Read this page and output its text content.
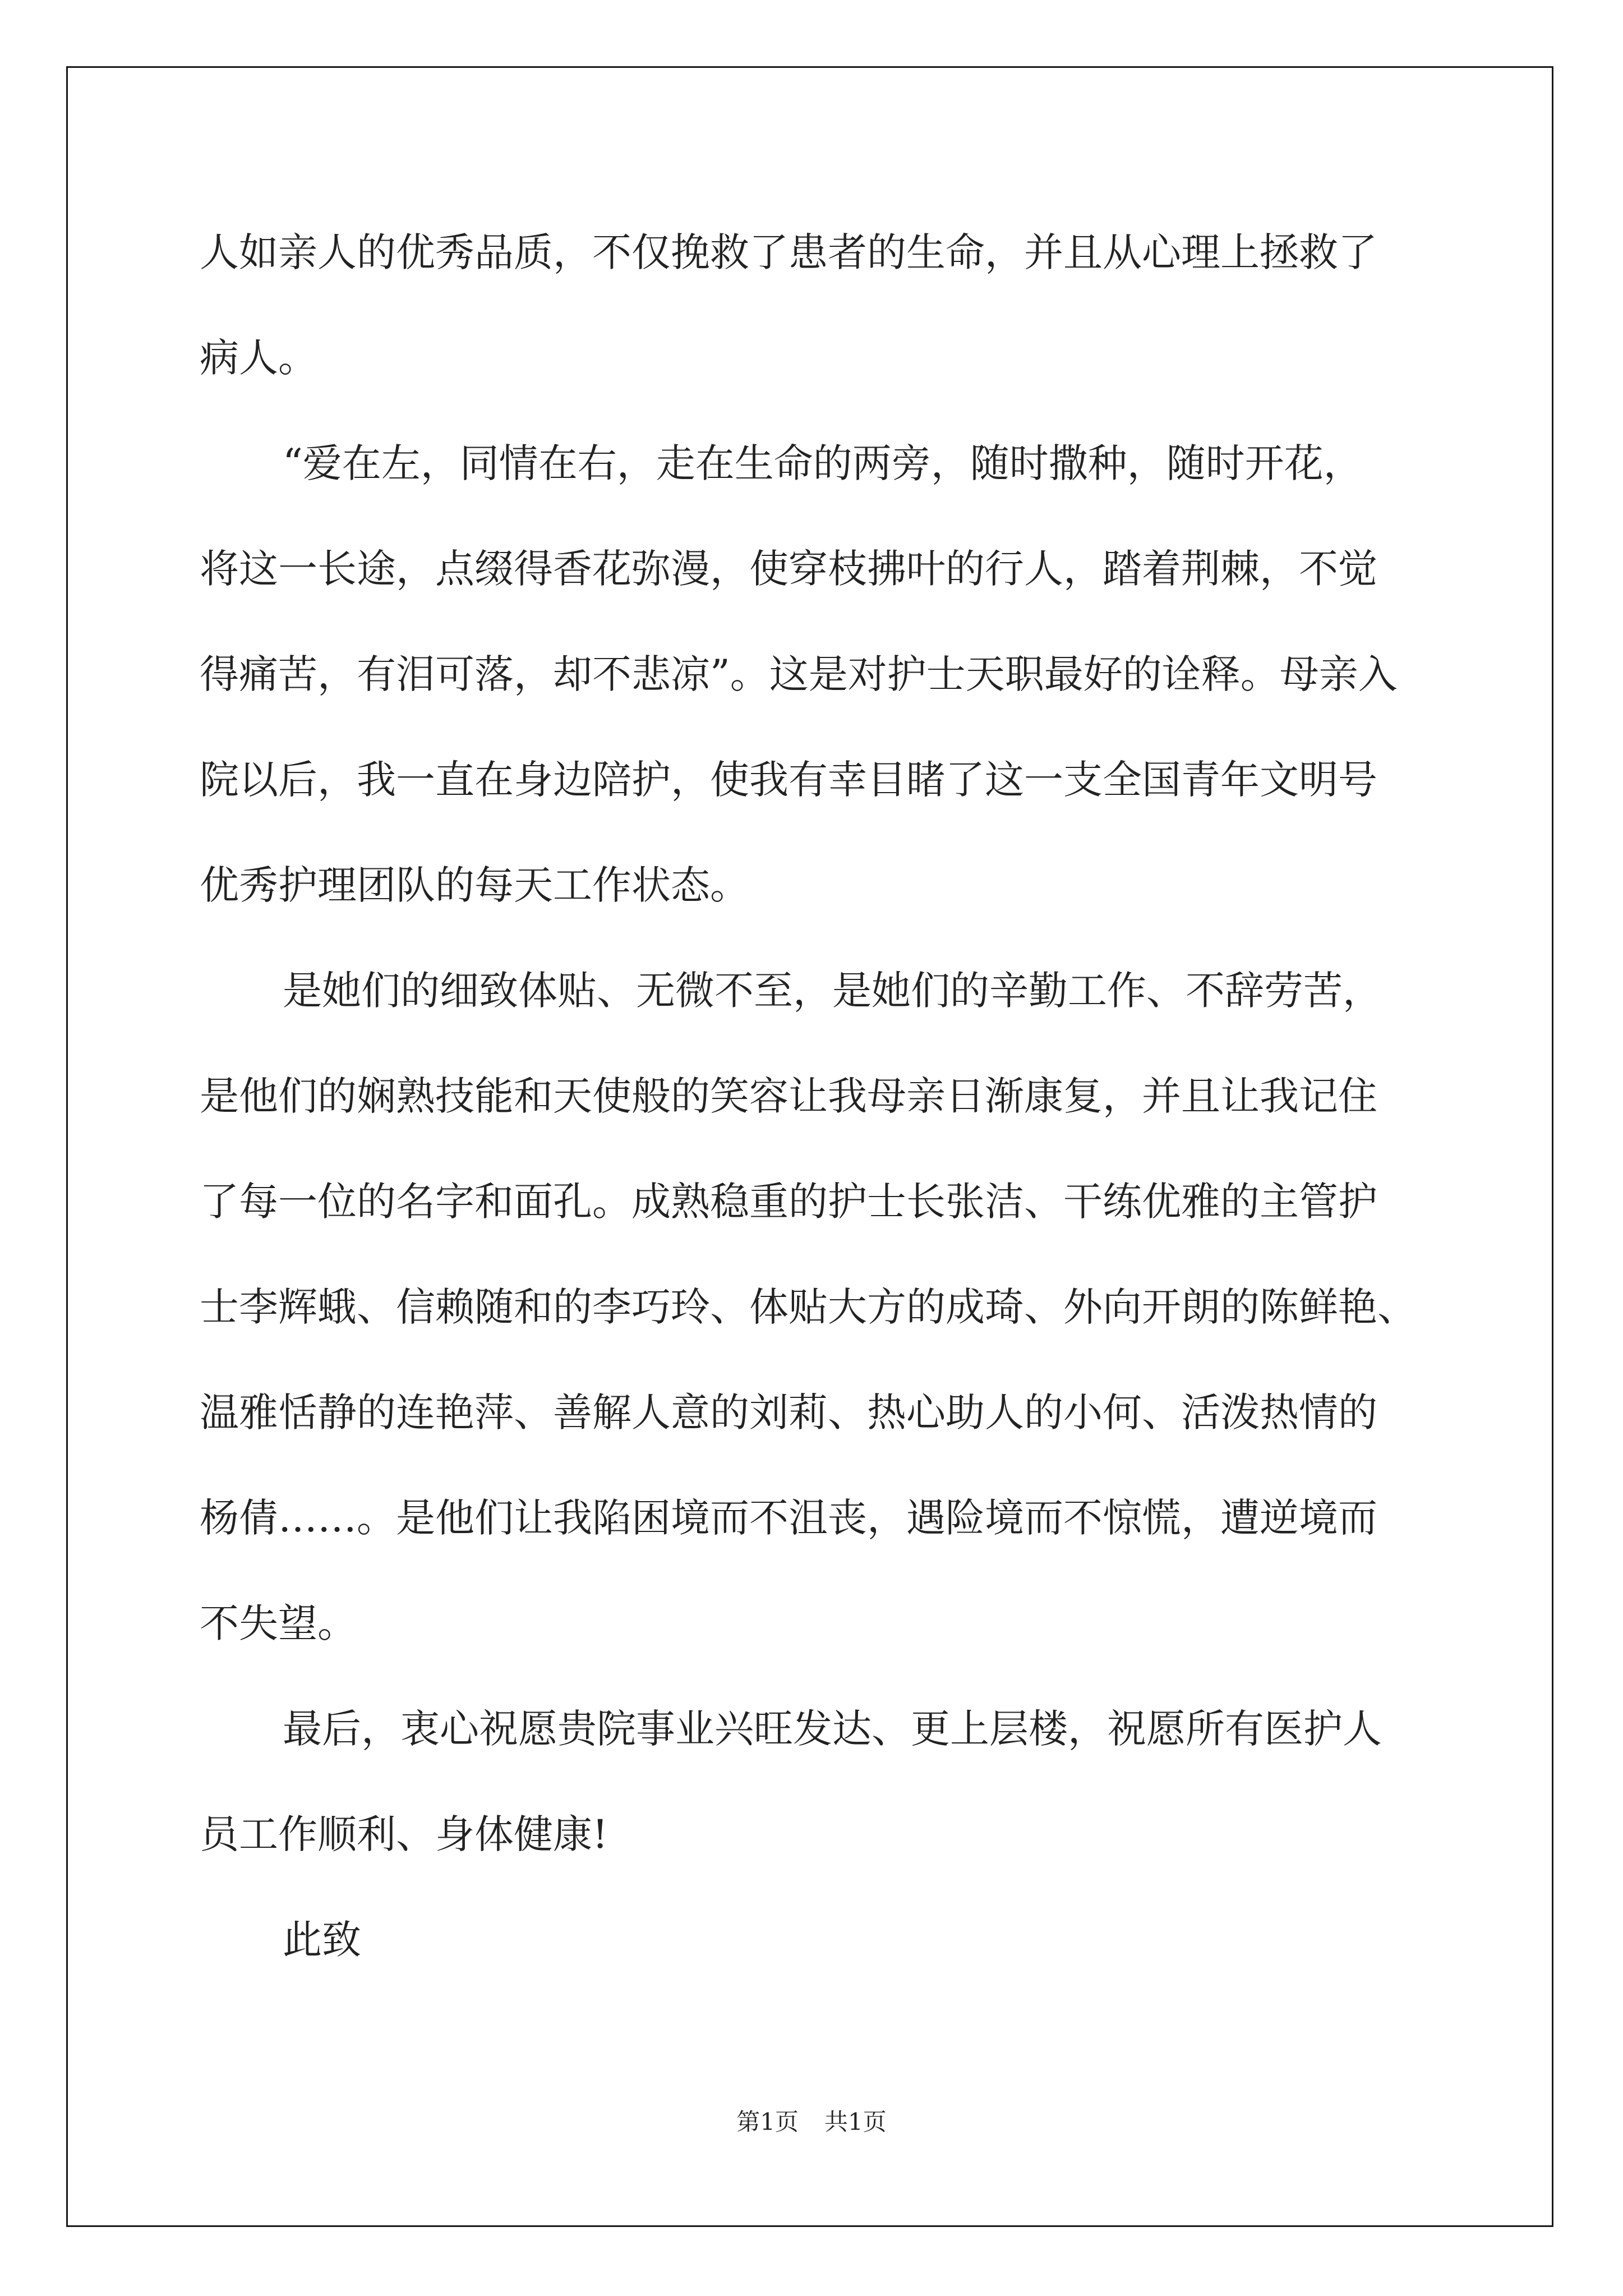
人如亲人的优秀品质，不仅挽救了患者的生命，并且从心理上拯救了
病人。
“爱在左，同情在右，走在生命的两旁，随时撒种，随时开花，
将这一长途，点缀得香花弥漫，使穿枝拂叶的行人，踏着荆棘，不觉
得痛苦，有泪可落，却不悲凉”。这是对护士天职最好的诠释。母亲入
院以后，我一直在身边陪护，使我有幸目睹了这一支全国青年文明号
优秀护理团队的每天工作状态。
是她们的细致体贴、无微不至，是她们的辛勤工作、不辞劳苦，
是他们的娴熟技能和天使般的笑容让我母亲日渐康复，并且让我记住
了每一位的名字和面孔。成熟稳重的护士长张洁、干练优雅的主管护
士李辉蛾、信赖随和的李巧玲、体贴大方的成琦、外向开朗的陈鲜艳、
温雅恬静的连艳萍、善解人意的刘莉、热心助人的小何、活泼热情的
杨倩……。是他们让我陷困境而不沮丧，遇险境而不惊慌，遭逆境而
不失望。
最后，衷心祝愿贵院事业兴旺发达、更上层楼，祝愿所有医护人
员工作顺利、身体健康!
此致
第1页 共1页
